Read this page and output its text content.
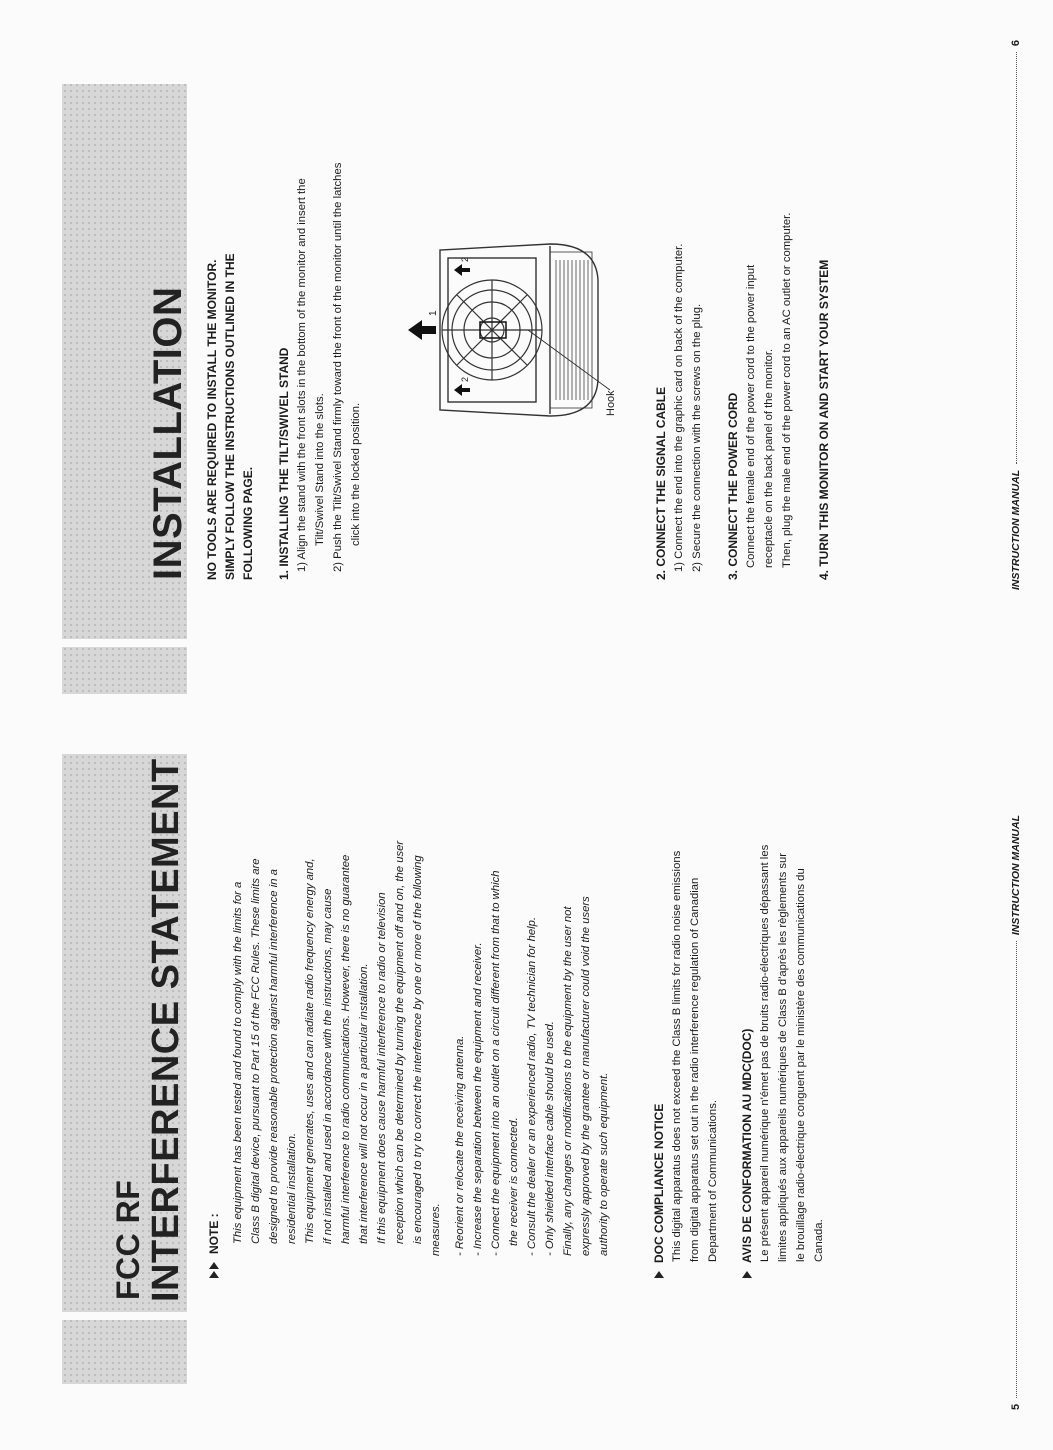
FCC RF INTERFERENCE STATEMENT NOTE : This equipment has been tested and found to comply with the limits for a Class B digital device, pursuant to Part 15 of the FCC Rules. These limits are designed to provide reasonable protection against harmful interference in a residential installation. This equipment generates, uses and can radiate radio frequency energy and, if not installed and used in accordance with the instructions, may cause harmful interference to radio communications. However, there is no guarantee that interference will not occur in a particular installation. If this equipment does cause harmful interference to radio or television reception which can be determined by turning the equipment off and on, the user is encouraged to try to correct the interference by one or more of the following measures. - Reorient or relocate the receiving antenna. - Increase the separation between the equipment and receiver. - Connect the equipment into an outlet on a circuit different from that to which the receiver is connected. - Consult the dealer or an experienced radio, TV technician for help. - Only shielded interface cable should be used. Finally, any changes or modifications to the equipment by the user not expressly approved by the grantee or manufacturer could void the users authority to operate such equipment.	DOC COMPLIANCE NOTICE This digital apparatus does not exceed the Class B limits for radio noise emissions from digital apparatus set out in the radio interference regulation of Canadian Department of Communications. AVIS DE CONFORMATION AU MDC(DOC) Le présent appareil numérique n'émet pas de bruits radio-électriques dépassant les limites appliqués aux appareils numériques de Class B d'après les règlements sur le brouillage radio-électrique conguent par le ministère des communications du Canada.

5
INSTRUCTION MANUAL
INSTALLATION NO TOOLS ARE REQUIRED TO INSTALL THE MONITOR. SIMPLY FOLLOW THE INSTRUCTIONS OUTLINED IN THE FOLLOWING PAGE. 1. INSTALLING THE TILT/SWIVEL STAND 1) Align the stand with the front slots in the bottom of the monitor and insert the Tilt/Swivel Stand into the slots. 2) Push the Tilt/Swivel Stand firmly toward the front of the monitor until the latches click into the locked position.

1
2
2
Hook	2. CONNECT THE SIGNAL CABLE 1) Connect the end into the graphic card on back of the computer. 2) Secure the connection with the screws on the plug. 3. CONNECT THE POWER CORD Connect the female end of the power cord to the power input receptacle on the back panel of the monitor. Then, plug the male end of the power cord to an AC outlet or computer. 4. TURN THIS MONITOR ON AND START YOUR SYSTEM	INSTRUCTION MANUAL
6
